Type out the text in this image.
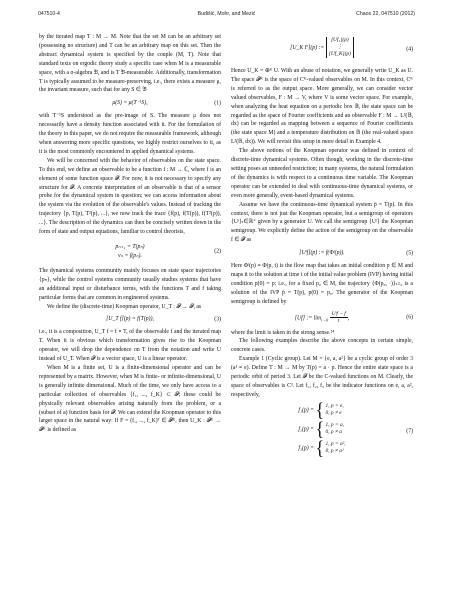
047510-4	Budišić, Mohr, and Mezić	Chaos 22, 047510 (2012)

by the iterated map T : M → M. Note that the set M can be an arbitrary set (possessing no structure) and T can be an arbitrary map on this set. Then the abstract dynamical system is specified by the couple (M, T). Note that standard texts on ergodic theory study a specific case when M is a measurable space, with a σ-algebra 𝔅, and is T 𝔅-measurable. Additionally, transformation T is typically assumed to be measure-preserving, i.e., there exists a measure μ, the invariant measure, such that for any S ∈ 𝔅

μ(S) = μ(T⁻¹S),	(1)

with T⁻¹S understood as the pre-image of S. The measure μ does not necessarily have a density function associated with it. For the formulation of the theory in this paper, we do not require the measurable framework, although when answering more specific questions, we highly restrict ourselves to it, as it is the most commonly encountered in applied dynamical systems.

We will be concerned with the behavior of observables on the state space. To this end, we define an observable to be a function f : M → ℂ, where f is an element of some function space 𝓕. For now, it is not necessary to specify any structure for 𝓕. A concrete interpretation of an observable is that of a sensor probe for the dynamical system in question; we can access information about the system via the evolution of the observable's values. Instead of tracking the trajectory {p, T(p), T²(p), ...}, we now track the trace {f(p), f(T(p)), f(T²(p)), ...}. The description of the dynamics can then be concisely written down in the form of state and output equations, familiar to control theorists,

pₙ₊₁ = T(pₙ)
vₙ = f(pₙ).
(2)

The dynamical systems community mainly focuses on state space trajectories {pₙ}, while the control systems community usually studies systems that have an additional input or disturbance terms, with the functions T and f taking particular forms that are common in engineered systems.

We define the (discrete-time) Koopman operator, U_T : 𝓕 → 𝓕, as

[U_T f](p) = f(T(p)),	(3)

i.e., it is a composition, U_T f = f ∘ T, of the observable f and the iterated map T. When it is obvious which transformation gives rise to the Koopman operator, we will drop the dependence on T from the notation and write U instead of U_T. When 𝓕 is a vector space, U is a linear operator.

When M is a finite set, U is a finite-dimensional operator and can be represented by a matrix. However, when M is finite- or infinite-dimensional, U is generally infinite dimensional. Much of the time, we only have access to a particular collection of observables {f₁, ..., f_K} ⊂ 𝓕; these could be physically relevant observables arising naturally from the problem, or a (subset of a) function basis for 𝓕. We can extend the Koopman operator to this larger space in the natural way: If F = (f₁, ..., f_K)ᵀ ∈ 𝓕ᴷ, then U_K : 𝓕ᴷ → 𝓕ᴷ is defined as

[U_K F](p) :=
[Uf₁](p)
⋮
[Uf_K](p)
(4)

Hence U_K = ⊕ᴷ U. With an abuse of notation, we generally write U_K as U. The space 𝓕ᴷ is the space of Cᴷ-valued observables on M. In this context, Cᴷ is referred to as the output space. More generally, we can consider vector valued observables, F : M → V, where V is some vector space. For example, when analyzing the heat equation on a periodic box 𝔹, the state space can be regarded as the space of Fourier coefficients and an observable F : M → L²(𝔹, dx) can be regarded as mapping between a sequence of Fourier coefficients (the state space M) and a temperature distribution on 𝔹 (the real-valued space L²(𝔹, dx)). We will revisit this setup in more detail in Example 4.

The above notions of the Koopman operator was defined in context of discrete-time dynamical systems. Often though, working in the discrete-time setting poses an unneeded restriction; in many systems, the natural formulation of the dynamics is with respect to a continuous time variable. The Koopman operator can be extended to deal with continuous-time dynamical systems, or even more generally, event-based dynamical systems.

Assume we have the continuous-time dynamical system ṗ = T(p). In this context, there is not just the Koopman operator, but a semigroup of operators {Uᵗ}ₜ∈ℝ⁺ given by a generator U. We call the semigroup {Uᵗ} the Koopman semigroup. We explicitly define the action of the semigroup on the observable f ∈ 𝓕 as

[Uᵗf](p) := f(Φᵗ(p)).	(5)

Here Φᵗ(p) ≡ Φ(p, t) is the flow map that takes an initial condition p ∈ M and maps it to the solution at time t of the initial value problem (IVP) having initial condition p(0) = p; i.e., for a fixed p₀ ∈ M, the trajectory {Φ(p₀, ·)}ₜ≥₀ is a solution of the IVP ṗ = T(p), p(0) = p₀. The generator of the Koopman semigroup is defined by

[Uf] := $\lim_{t\to 0} \frac{\text{Uᵗf − f}}{t}$ ,	(6)

where the limit is taken in the strong sense.²⁴

The following examples describe the above concepts in certain simple, concrete cases.

Example 1 (Cyclic group). Let M = {e, a, a²} be a cyclic group of order 3 (a³ ≡ e). Define T : M → M by T(p) = a · p. Hence the entire state space is a periodic orbit of period 3. Let 𝓕 be the C-valued functions on M. Clearly, the space of observables is C³. Let f₁, f₂, f₃ be the indicator functions on e, a, a², respectively,

f₁(p) = { 1, p = e,
0, p ≠ e
f₂(p) = { 1, p = a,
0, p ≠ a
f₃(p) = { 1, p = a²,
0, p ≠ a²
(7)
